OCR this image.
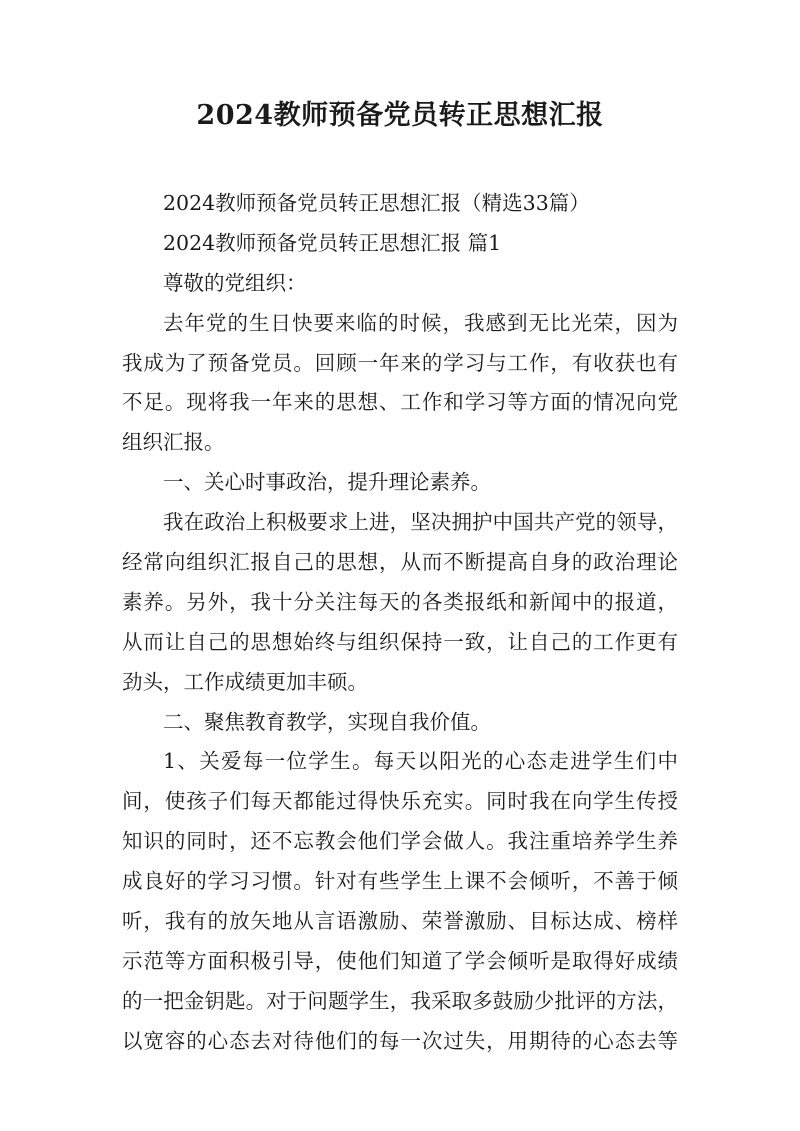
2024教师预备党员转正思想汇报
2024教师预备党员转正思想汇报（精选33篇）
2024教师预备党员转正思想汇报 篇1
尊敬的党组织：
去年党的生日快要来临的时候，我感到无比光荣，因为
我成为了预备党员。回顾一年来的学习与工作，有收获也有
不足。现将我一年来的思想、工作和学习等方面的情况向党
组织汇报。
一、关心时事政治，提升理论素养。
我在政治上积极要求上进，坚决拥护中国共产党的领导，
经常向组织汇报自己的思想，从而不断提高自身的政治理论
素养。另外，我十分关注每天的各类报纸和新闻中的报道，
从而让自己的思想始终与组织保持一致，让自己的工作更有
劲头，工作成绩更加丰硕。
二、聚焦教育教学，实现自我价值。
1、关爱每一位学生。每天以阳光的心态走进学生们中
间，使孩子们每天都能过得快乐充实。同时我在向学生传授
知识的同时，还不忘教会他们学会做人。我注重培养学生养
成良好的学习习惯。针对有些学生上课不会倾听，不善于倾
听，我有的放矢地从言语激励、荣誉激励、目标达成、榜样
示范等方面积极引导，使他们知道了学会倾听是取得好成绩
的一把金钥匙。对于问题学生，我采取多鼓励少批评的方法，
以宽容的心态去对待他们的每一次过失，用期待的心态去等
